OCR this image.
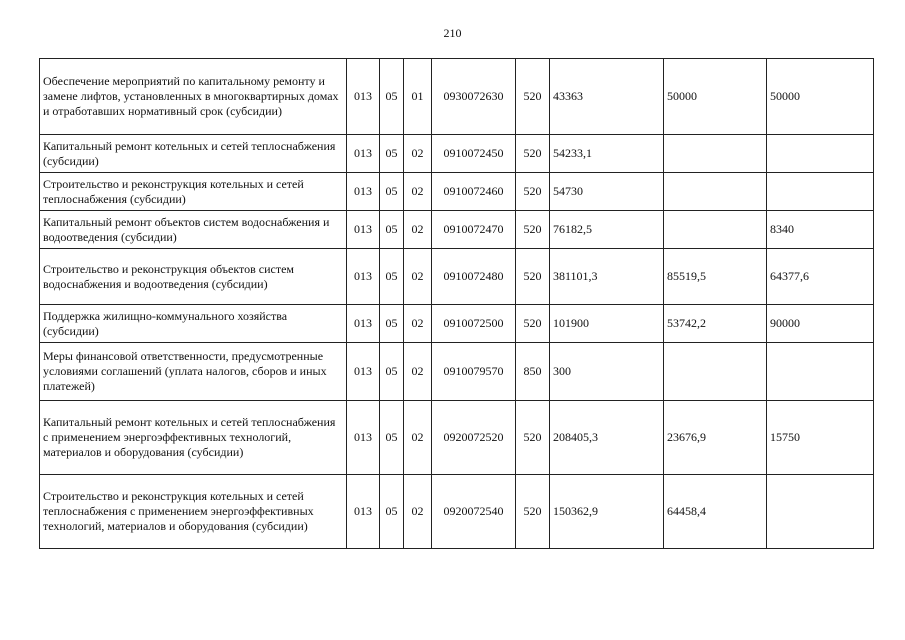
210
Обеспечение мероприятий по капитальному ремонту и замене лифтов, установленных в многоквартирных домах и отработавших нормативный срок (субсидии)	013	05	01	0930072630	520	43363	50000	50000
Капитальный ремонт котельных и сетей теплоснабжения (субсидии)	013	05	02	0910072450	520	54233,1		
Строительство и реконструкция котельных и сетей теплоснабжения (субсидии)	013	05	02	0910072460	520	54730		
Капитальный ремонт объектов систем водоснабжения и водоотведения (субсидии)	013	05	02	0910072470	520	76182,5		8340
Строительство и реконструкция объектов систем водоснабжения и водоотведения (субсидии)	013	05	02	0910072480	520	381101,3	85519,5	64377,6
Поддержка жилищно-коммунального хозяйства (субсидии)	013	05	02	0910072500	520	101900	53742,2	90000
Меры финансовой ответственности, предусмотренные условиями соглашений (уплата налогов, сборов и иных платежей)	013	05	02	0910079570	850	300		
Капитальный ремонт котельных и сетей теплоснабжения с применением энергоэффективных технологий, материалов и оборудования (субсидии)	013	05	02	0920072520	520	208405,3	23676,9	15750
Строительство и реконструкция котельных и сетей теплоснабжения с применением энергоэффективных технологий, материалов и оборудования (субсидии)	013	05	02	0920072540	520	150362,9	64458,4	
